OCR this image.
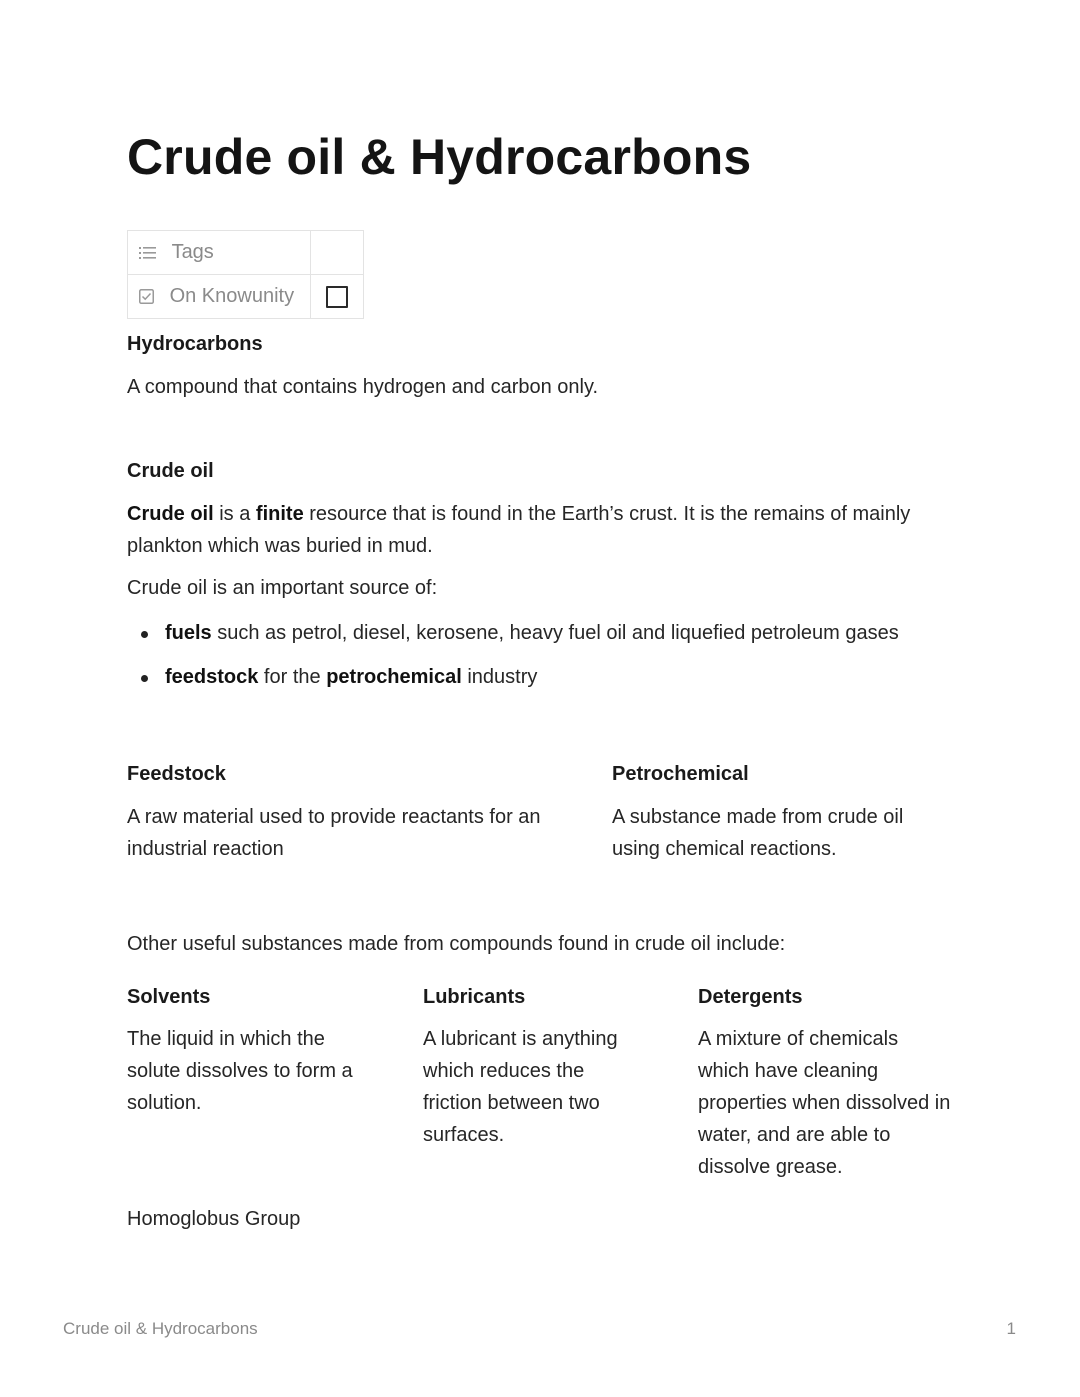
Crude oil & Hydrocarbons
Tags	
On Knowunity	
Hydrocarbons

A compound that contains hydrogen and carbon only.

Crude oil

Crude oil is a finite resource that is found in the Earth’s crust. It is the remains of mainly plankton which was buried in mud.

Crude oil is an important source of:

fuels such as petrol, diesel, kerosene, heavy fuel oil and liquefied petroleum gases
feedstock for the petrochemical industry
Feedstock

A raw material used to provide reactants for an industrial reaction

Petrochemical

A substance made from crude oil using chemical reactions.

Other useful substances made from compounds found in crude oil include:

Solvents

The liquid in which the solute dissolves to form a solution.

Lubricants

A lubricant is anything which reduces the friction between two surfaces.

Detergents

A mixture of chemicals which have cleaning properties when dissolved in water, and are able to dissolve grease.

Homoglobus Group

Crude oil & Hydrocarbons	1
